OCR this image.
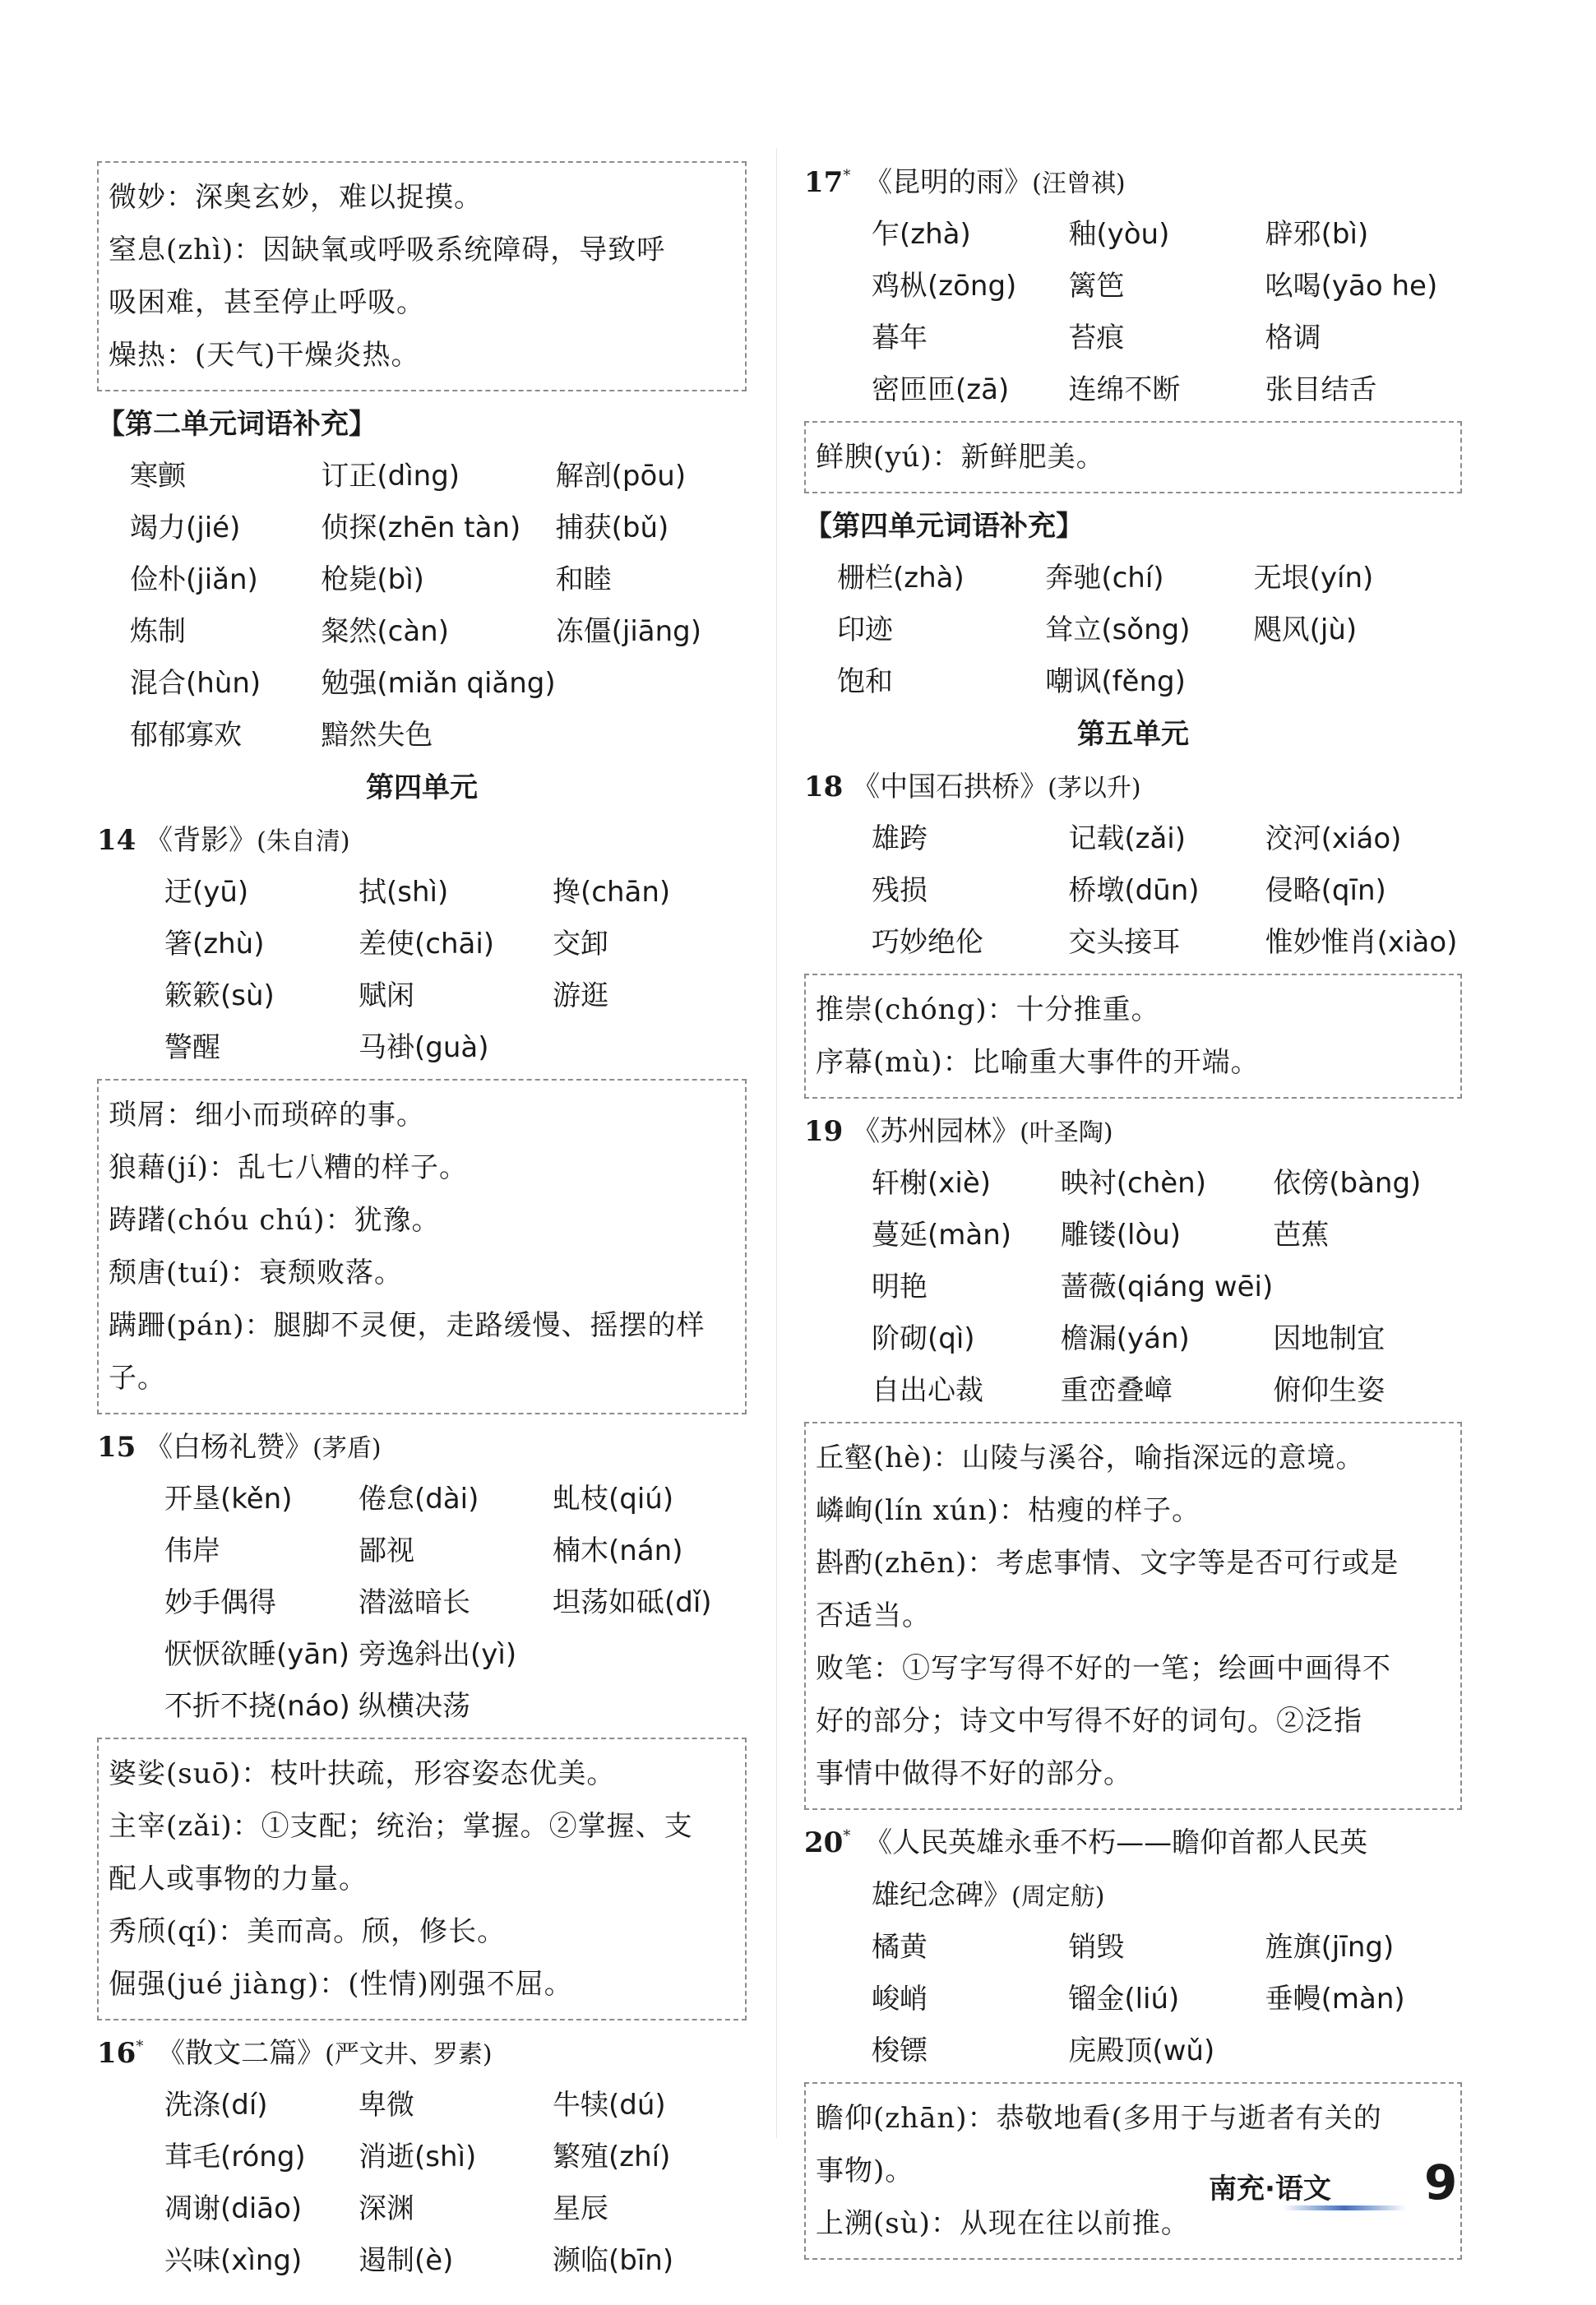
微妙：深奥玄妙，难以捉摸。

窒息(zhì)：因缺氧或呼吸系统障碍，导致呼

吸困难，甚至停止呼吸。

燥热：(天气)干燥炎热。

【第二单元词语补充】
寒颤	订正(dìng)	解剖(pōu)
竭力(jié)	侦探(zhēn tàn)	捕获(bǔ)
俭朴(jiǎn)	枪毙(bì)	和睦
炼制	粲然(càn)	冻僵(jiāng)
混合(hùn)	勉强(miǎn qiǎng)
郁郁寡欢	黯然失色
第四单元
14 《背影》(朱自清)
迂(yū)	拭(shì)	搀(chān)
箸(zhù)	差使(chāi)	交卸
簌簌(sù)	赋闲	游逛
警醒	马褂(guà)

琐屑：细小而琐碎的事。

狼藉(jí)：乱七八糟的样子。

踌躇(chóu chú)：犹豫。

颓唐(tuí)：衰颓败落。

蹒跚(pán)：腿脚不灵便，走路缓慢、摇摆的样子。

15 《白杨礼赞》(茅盾)
开垦(kěn)	倦怠(dài)	虬枝(qiú)
伟岸	鄙视	楠木(nán)
妙手偶得	潜滋暗长	坦荡如砥(dǐ)
恹恹欲睡(yān) 旁逸斜出(yì)
不折不挠(náo) 纵横决荡

婆娑(suō)：枝叶扶疏，形容姿态优美。

主宰(zǎi)：①支配；统治；掌握。②掌握、支

配人或事物的力量。

秀颀(qí)：美而高。颀，修长。

倔强(jué jiàng)：(性情)刚强不屈。

16* 《散文二篇》(严文井、罗素)
洗涤(dí)	卑微	牛犊(dú)
茸毛(róng)	消逝(shì)	繁殖(zhí)
凋谢(diāo)	深渊	星辰
兴味(xìng)	遏制(è)	濒临(bīn)
17* 《昆明的雨》(汪曾祺)
乍(zhà)	釉(yòu)	辟邪(bì)
鸡枞(zōng)	篱笆	吆喝(yāo he)
暮年	苔痕	格调
密匝匝(zā)	连绵不断	张目结舌

鲜腴(yú)：新鲜肥美。

【第四单元词语补充】
栅栏(zhà)	奔驰(chí)	无垠(yín)
印迹	耸立(sǒng)	飓风(jù)
饱和	嘲讽(fěng)
第五单元
18 《中国石拱桥》(茅以升)
雄跨	记载(zǎi)	洨河(xiáo)
残损	桥墩(dūn)	侵略(qīn)
巧妙绝伦	交头接耳	惟妙惟肖(xiào)

推崇(chóng)：十分推重。

序幕(mù)：比喻重大事件的开端。

19 《苏州园林》(叶圣陶)
轩榭(xiè)	映衬(chèn)	依傍(bàng)
蔓延(màn)	雕镂(lòu)	芭蕉
明艳	蔷薇(qiáng wēi)
阶砌(qì)	檐漏(yán)	因地制宜
自出心裁	重峦叠嶂	俯仰生姿

丘壑(hè)：山陵与溪谷，喻指深远的意境。

嶙峋(lín xún)：枯瘦的样子。

斟酌(zhēn)：考虑事情、文字等是否可行或是

否适当。

败笔：①写字写得不好的一笔；绘画中画得不

好的部分；诗文中写得不好的词句。②泛指

事情中做得不好的部分。

20* 《人民英雄永垂不朽——瞻仰首都人民英
雄纪念碑》(周定舫)
橘黄	销毁	旌旗(jīng)
峻峭	镏金(liú)	垂幔(màn)
梭镖	庑殿顶(wǔ)

瞻仰(zhān)：恭敬地看(多用于与逝者有关的

事物)。

上溯(sù)：从现在往以前推。

南充·语文 9
